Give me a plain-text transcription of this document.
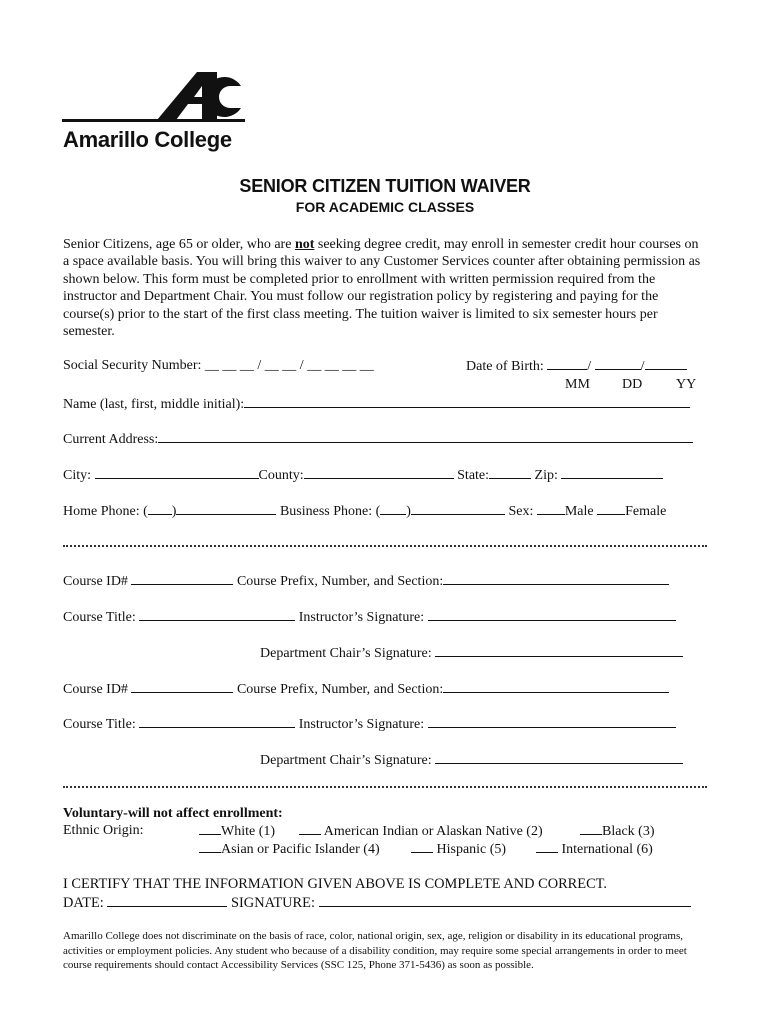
Amarillo College
SENIOR CITIZEN TUITION WAIVER
FOR ACADEMIC CLASSES
Senior Citizens, age 65 or older, who are not seeking degree credit, may enroll in semester credit hour courses on a space available basis. You will bring this waiver to any Customer Services counter after obtaining permission as shown below. This form must be completed prior to enrollment with written permission required from the instructor and Department Chair. You must follow our registration policy by registering and paying for the course(s) prior to the start of the first class meeting. The tuition waiver is limited to six semester hours per semester.
Social Security Number: __ __ __ / __ __ / __ __ __ __	Date of Birth:	/	/
MM DD YY
Name (last, first, middle initial):
Current Address:
City:	County:	State:	Zip:
Home Phone: ( )	Business Phone: ( )	Sex: Male Female
Course ID#	Course Prefix, Number, and Section:
Course Title:	Instructor’s Signature:
Department Chair’s Signature:
Course ID#	Course Prefix, Number, and Section:
Course Title:	Instructor’s Signature:
Department Chair’s Signature:
Voluntary-will not affect enrollment:
Ethnic Origin:	White (1)	American Indian or Alaskan Native (2)	Black (3)
Asian or Pacific Islander (4)	Hispanic (5)	International (6)
I CERTIFY THAT THE INFORMATION GIVEN ABOVE IS COMPLETE AND CORRECT.
DATE:	SIGNATURE:
Amarillo College does not discriminate on the basis of race, color, national origin, sex, age, religion or disability in its educational programs, activities or employment policies. Any student who because of a disability condition, may require some special arrangements in order to meet course requirements should contact Accessibility Services (SSC 125, Phone 371-5436) as soon as possible.
